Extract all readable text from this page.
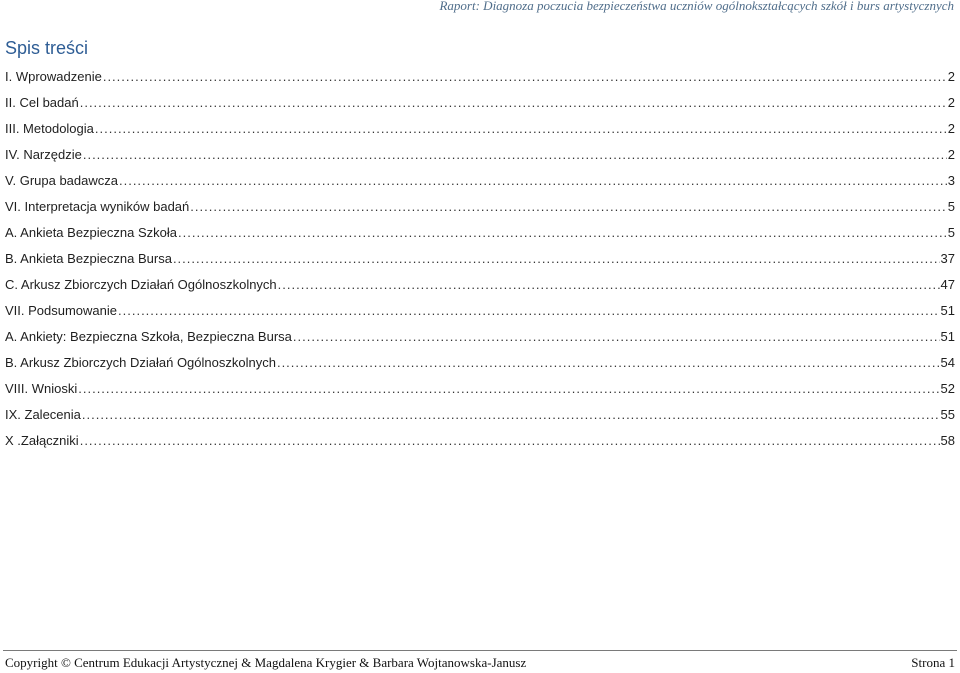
Raport: Diagnoza poczucia bezpieczeństwa uczniów ogólnokształcących szkół i burs artystycznych
Spis treści
I. Wprowadzenie .....	2
II. Cel badań .....	2
III. Metodologia .....	2
IV. Narzędzie .....	2
V. Grupa badawcza .....	3
VI. Interpretacja wyników badań .....	5
A. Ankieta Bezpieczna Szkoła .....	5
B. Ankieta Bezpieczna Bursa .....	37
C. Arkusz Zbiorczych Działań Ogólnoszkolnych .....	47
VII. Podsumowanie .....	51
A. Ankiety: Bezpieczna Szkoła, Bezpieczna Bursa .....	51
B. Arkusz Zbiorczych Działań Ogólnoszkolnych .....	54
VIII. Wnioski .....	52
IX. Zalecenia .....	55
X .Załączniki .....	58
Copyright © Centrum Edukacji Artystycznej & Magdalena Krygier & Barbara Wojtanowska-Janusz	Strona 1
